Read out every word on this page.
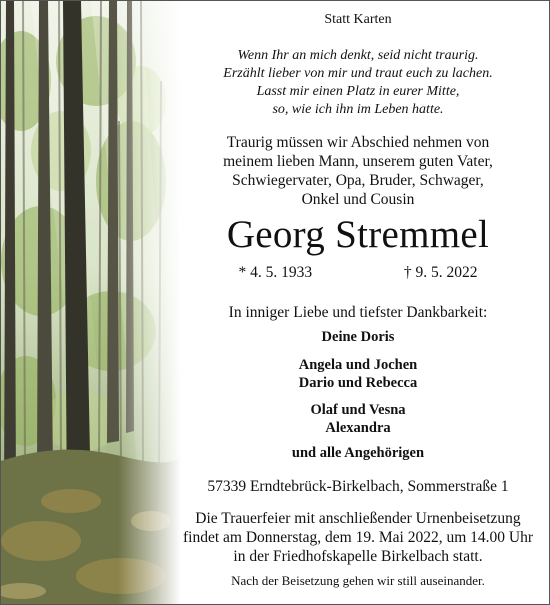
Statt Karten
Wenn Ihr an mich denkt, seid nicht traurig.
Erzählt lieber von mir und traut euch zu lachen.
Lasst mir einen Platz in eurer Mitte,
so, wie ich ihn im Leben hatte.
Traurig müssen wir Abschied nehmen von
meinem lieben Mann, unserem guten Vater,
Schwiegervater, Opa, Bruder, Schwager,
Onkel und Cousin
Georg Stremmel
* 4. 5. 1933	† 9. 5. 2022
In inniger Liebe und tiefster Dankbarkeit:
Deine Doris
Angela und Jochen
Dario und Rebecca
Olaf und Vesna
Alexandra
und alle Angehörigen
57339 Erndtebrück-Birkelbach, Sommerstraße 1
Die Trauerfeier mit anschließender Urnenbeisetzung
findet am Donnerstag, dem 19. Mai 2022, um 14.00 Uhr
in der Friedhofskapelle Birkelbach statt.
Nach der Beisetzung gehen wir still auseinander.
